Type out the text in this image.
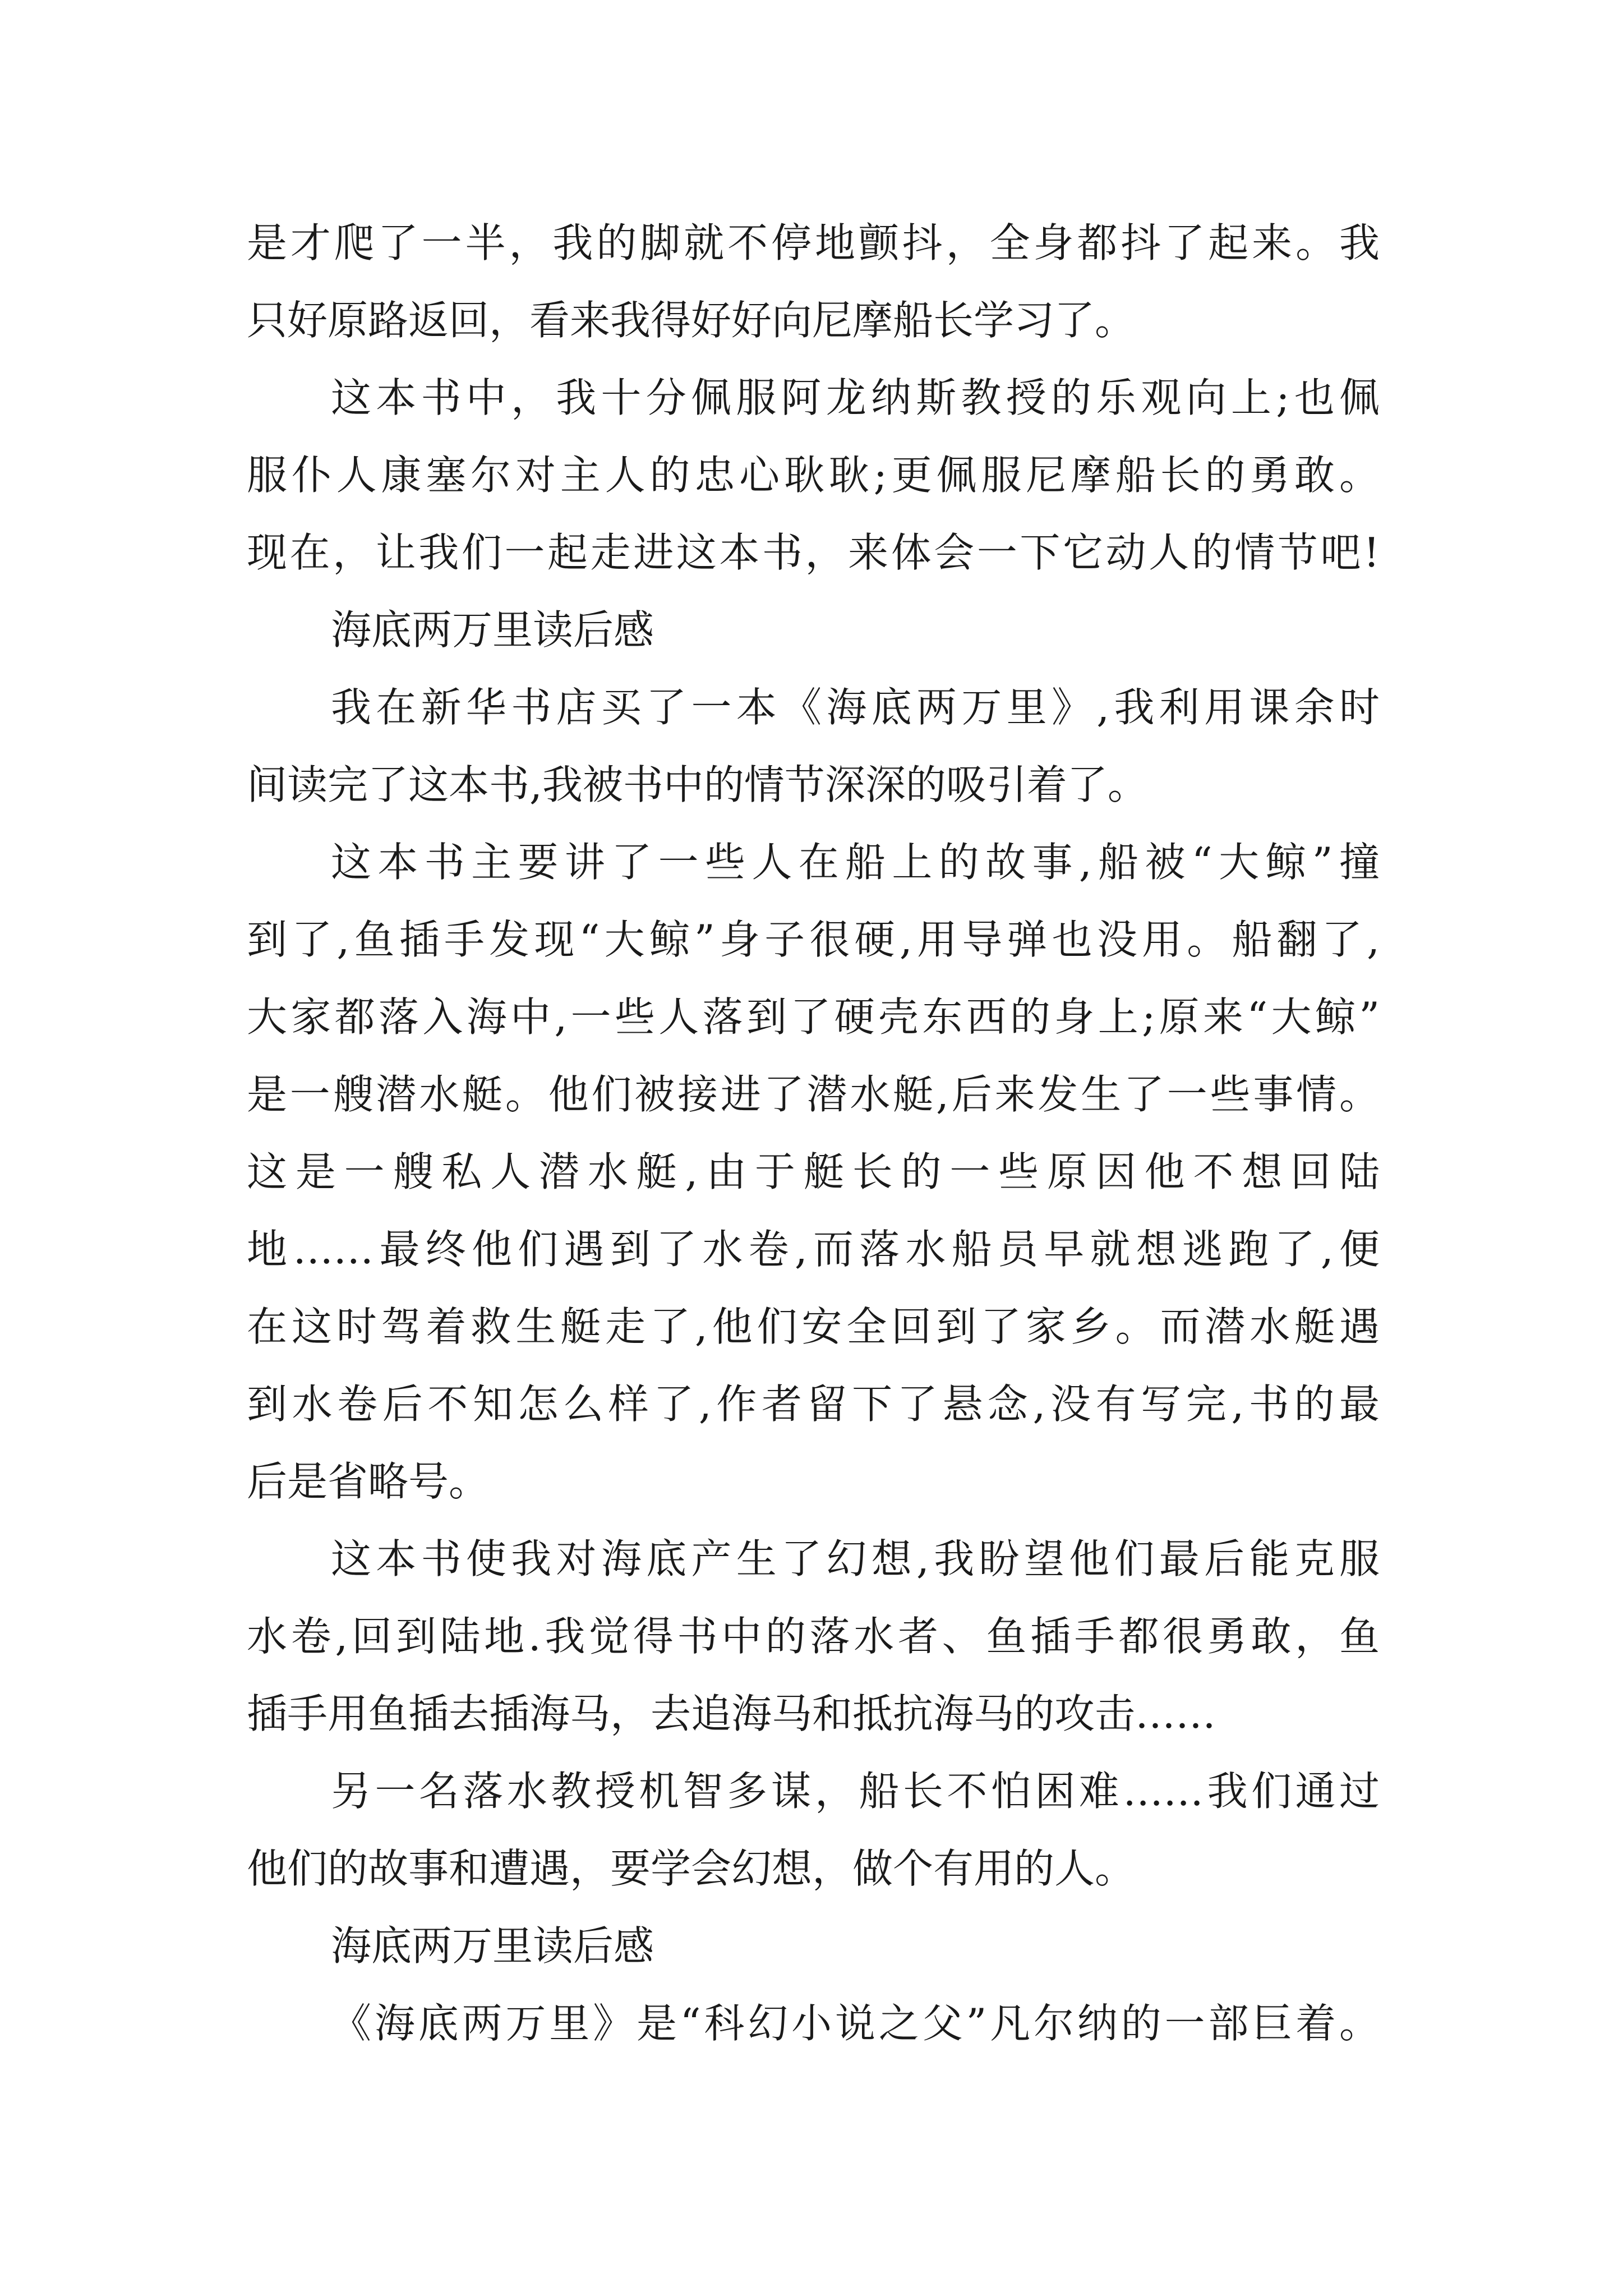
是才爬了一半，我的脚就不停地颤抖，全身都抖了起来。我
只好原路返回，看来我得好好向尼摩船长学习了。
这本书中，我十分佩服阿龙纳斯教授的乐观向上;也佩
服仆人康塞尔对主人的忠心耿耿;更佩服尼摩船长的勇敢。
现在，让我们一起走进这本书，来体会一下它动人的情节吧!
海底两万里读后感
我在新华书店买了一本《海底两万里》,我利用课余时
间读完了这本书,我被书中的情节深深的吸引着了。
这本书主要讲了一些人在船上的故事,船被“大鲸”撞
到了,鱼插手发现“大鲸”身子很硬,用导弹也没用。船翻了,
大家都落入海中,一些人落到了硬壳东西的身上;原来“大鲸”
是一艘潜水艇。他们被接进了潜水艇,后来发生了一些事情。
这是一艘私人潜水艇,由于艇长的一些原因他不想回陆
地……最终他们遇到了水卷,而落水船员早就想逃跑了,便
在这时驾着救生艇走了,他们安全回到了家乡。而潜水艇遇
到水卷后不知怎么样了,作者留下了悬念,没有写完,书的最
后是省略号。
这本书使我对海底产生了幻想,我盼望他们最后能克服
水卷,回到陆地.我觉得书中的落水者、鱼插手都很勇敢，鱼
插手用鱼插去插海马，去追海马和抵抗海马的攻击……
另一名落水教授机智多谋，船长不怕困难……我们通过
他们的故事和遭遇，要学会幻想，做个有用的人。
海底两万里读后感
《海底两万里》是“科幻小说之父”凡尔纳的一部巨着。
